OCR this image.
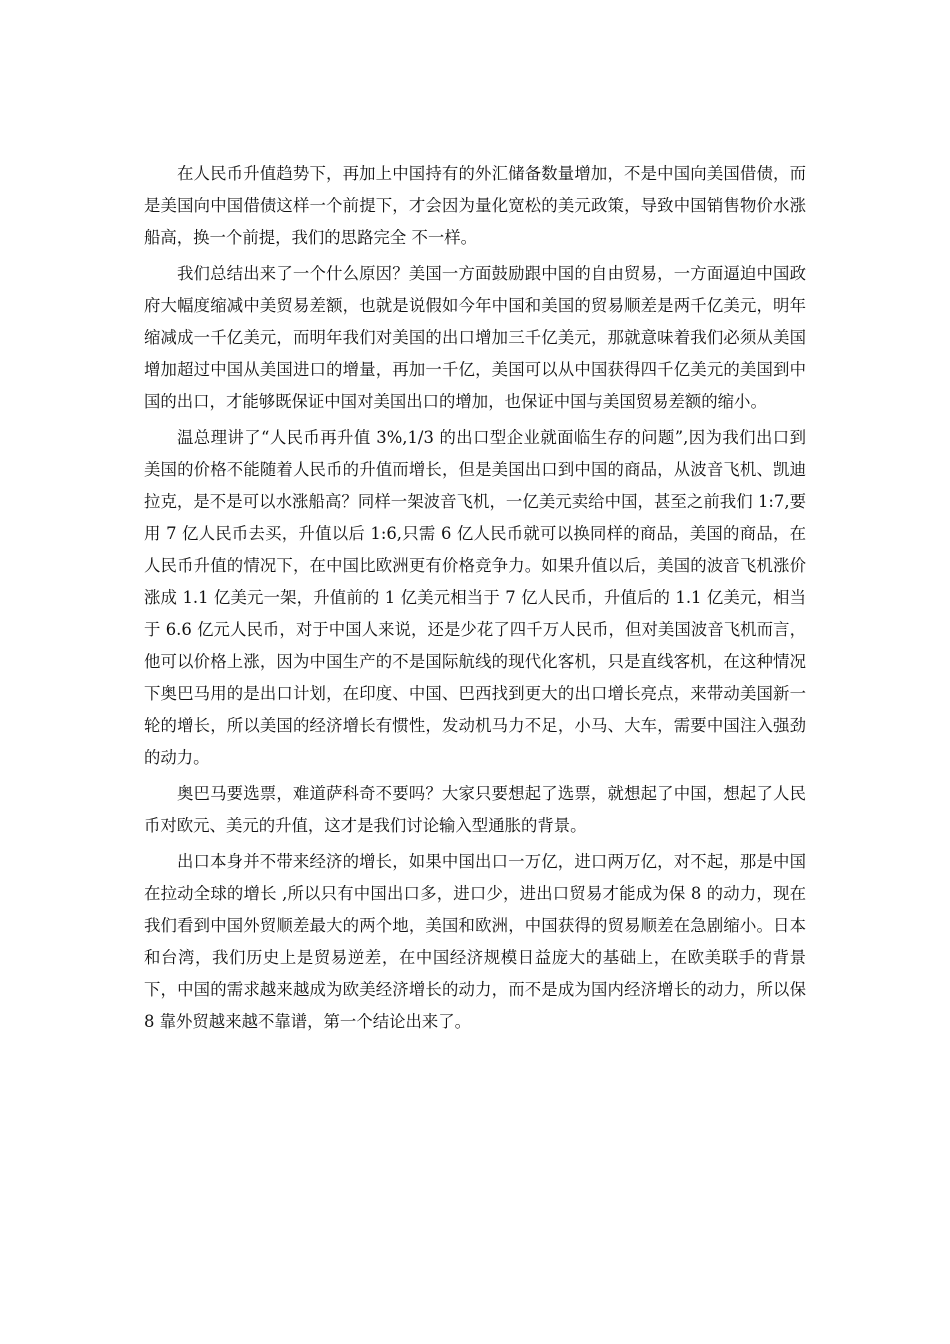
在人民币升值趋势下，再加上中国持有的外汇储备数量增加，不是中国向美国借债，而是美国向中国借债这样一个前提下，才会因为量化宽松的美元政策，导致中国销售物价水涨船高，换一个前提，我们的思路完全 不一样。

我们总结出来了一个什么原因？美国一方面鼓励跟中国的自由贸易，一方面逼迫中国政府大幅度缩减中美贸易差额，也就是说假如今年中国和美国的贸易顺差是两千亿美元，明年缩减成一千亿美元，而明年我们对美国的出口增加三千亿美元，那就意味着我们必须从美国增加超过中国从美国进口的增量，再加一千亿，美国可以从中国获得四千亿美元的美国到中国的出口，才能够既保证中国对美国出口的增加，也保证中国与美国贸易差额的缩小。

温总理讲了“人民币再升值 3%,1/3 的出口型企业就面临生存的问题”,因为我们出口到美国的价格不能随着人民币的升值而增长，但是美国出口到中国的商品，从波音飞机、凯迪拉克，是不是可以水涨船高？同样一架波音飞机，一亿美元卖给中国，甚至之前我们 1:7,要用 7 亿人民币去买，升值以后 1:6,只需 6 亿人民币就可以换同样的商品，美国的商品，在人民币升值的情况下，在中国比欧洲更有价格竞争力。如果升值以后，美国的波音飞机涨价涨成 1.1 亿美元一架，升值前的 1 亿美元相当于 7 亿人民币，升值后的 1.1 亿美元，相当于 6.6 亿元人民币，对于中国人来说，还是少花了四千万人民币，但对美国波音飞机而言，他可以价格上涨，因为中国生产的不是国际航线的现代化客机，只是直线客机，在这种情况下奥巴马用的是出口计划，在印度、中国、巴西找到更大的出口增长亮点，来带动美国新一轮的增长，所以美国的经济增长有惯性，发动机马力不足，小马、大车，需要中国注入强劲的动力。

奥巴马要选票，难道萨科奇不要吗？大家只要想起了选票，就想起了中国，想起了人民币对欧元、美元的升值，这才是我们讨论输入型通胀的背景。

出口本身并不带来经济的增长，如果中国出口一万亿，进口两万亿，对不起，那是中国在拉动全球的增长 ,所以只有中国出口多，进口少，进出口贸易才能成为保 8 的动力，现在我们看到中国外贸顺差最大的两个地，美国和欧洲，中国获得的贸易顺差在急剧缩小。日本和台湾，我们历史上是贸易逆差，在中国经济规模日益庞大的基础上，在欧美联手的背景下，中国的需求越来越成为欧美经济增长的动力，而不是成为国内经济增长的动力，所以保 8 靠外贸越来越不靠谱，第一个结论出来了。
